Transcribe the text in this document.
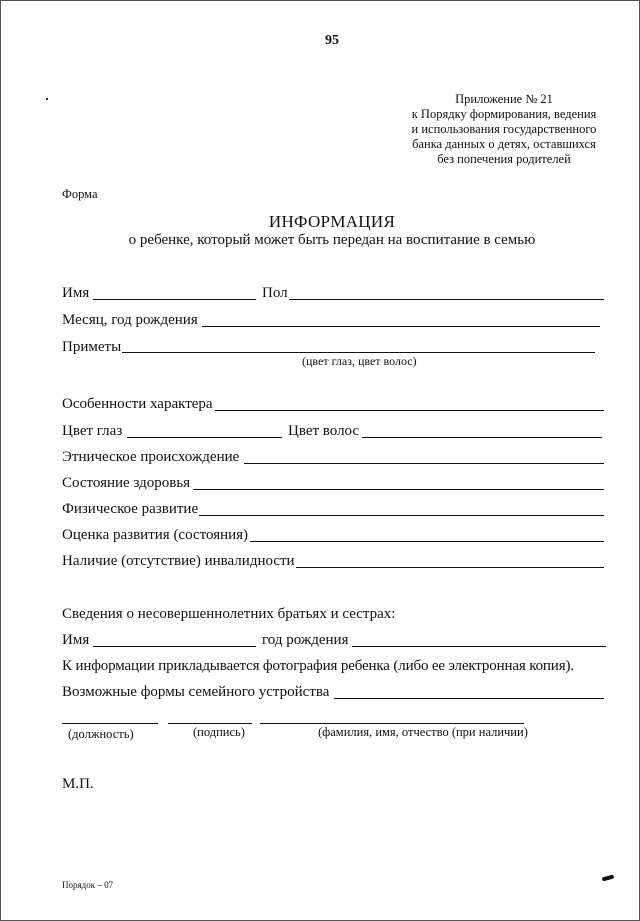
95
Приложение № 21
к Порядку формирования, ведения
и использования государственного
банка данных о детях, оставшихся
без попечения родителей
Форма
ИНФОРМАЦИЯ
о ребенке, который может быть передан на воспитание в семью
Имя	Пол
Месяц, год рождения
Приметы
(цвет глаз, цвет волос)
Особенности характера
Цвет глаз	Цвет волос
Этническое происхождение
Состояние здоровья
Физическое развитие
Оценка развития (состояния)
Наличие (отсутствие) инвалидности
Сведения о несовершеннолетних братьях и сестрах:
Имя	год рождения
К информации прикладывается фотография ребенка (либо ее электронная копия).
Возможные формы семейного устройства
(должность)	(подпись)	(фамилия, имя, отчество (при наличии)
М.П.
Порядок – 07
